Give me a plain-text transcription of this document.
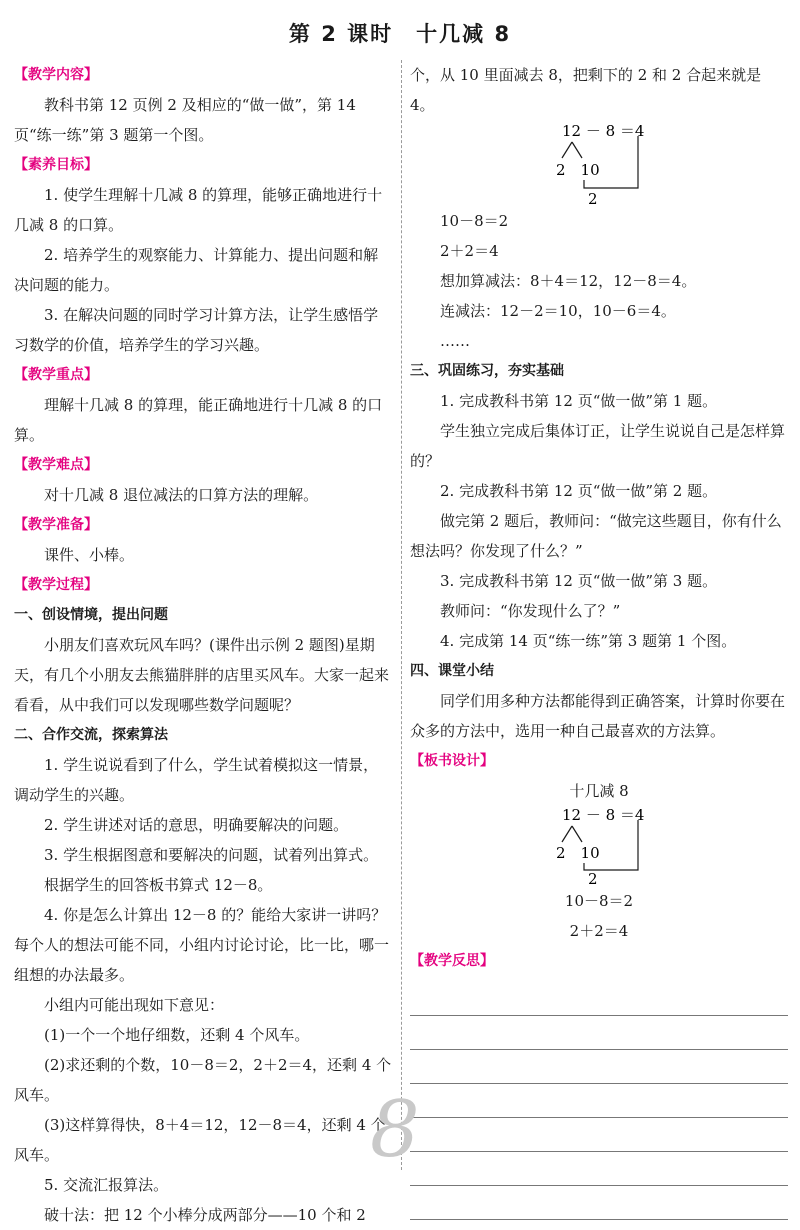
第 2 课时　十几减 8

【教学内容】

教科书第 12 页例 2 及相应的“做一做”，第 14 页“练一练”第 3 题第一个图。

【素养目标】

1. 使学生理解十几减 8 的算理，能够正确地进行十几减 8 的口算。

2. 培养学生的观察能力、计算能力、提出问题和解决问题的能力。

3. 在解决问题的同时学习计算方法，让学生感悟学习数学的价值，培养学生的学习兴趣。

【教学重点】

理解十几减 8 的算理，能正确地进行十几减 8 的口算。

【教学难点】

对十几减 8 退位减法的口算方法的理解。

【教学准备】

课件、小棒。

【教学过程】

一、创设情境，提出问题

小朋友们喜欢玩风车吗？(课件出示例 2 题图)星期天，有几个小朋友去熊猫胖胖的店里买风车。大家一起来看看，从中我们可以发现哪些数学问题呢？

二、合作交流，探索算法

1. 学生说说看到了什么，学生试着模拟这一情景，调动学生的兴趣。

2. 学生讲述对话的意思，明确要解决的问题。

3. 学生根据图意和要解决的问题，试着列出算式。

根据学生的回答板书算式 12－8。

4. 你是怎么计算出 12－8 的？能给大家讲一讲吗？每个人的想法可能不同，小组内讨论讨论，比一比，哪一组想的办法最多。

小组内可能出现如下意见：

(1)一个一个地仔细数，还剩 4 个风车。

(2)求还剩的个数，10－8＝2，2＋2＝4，还剩 4 个风车。

(3)这样算得快，8＋4＝12，12－8＝4，还剩 4 个风车。

5. 交流汇报算法。

破十法：把 12 个小棒分成两部分——10 个和 2

个，从 10 里面减去 8，把剩下的 2 和 2 合起来就是 4。

12 － 8 ＝4
2　10
2

10－8＝2

2＋2＝4

想加算减法：8＋4＝12，12－8＝4。

连减法：12－2＝10，10－6＝4。

……

三、巩固练习，夯实基础

1. 完成教科书第 12 页“做一做”第 1 题。

学生独立完成后集体订正，让学生说说自己是怎样算的？

2. 完成教科书第 12 页“做一做”第 2 题。

做完第 2 题后，教师问：“做完这些题目，你有什么想法吗？你发现了什么？”

3. 完成教科书第 12 页“做一做”第 3 题。

教师问：“你发现什么了？”

4. 完成第 14 页“练一练”第 3 题第 1 个图。

四、课堂小结

同学们用多种方法都能得到正确答案，计算时你要在众多的方法中，选用一种自己最喜欢的方法算。

【板书设计】

十几减 8

12 － 8 ＝4
2　10
2

10－8＝2

2＋2＝4

【教学反思】

8
